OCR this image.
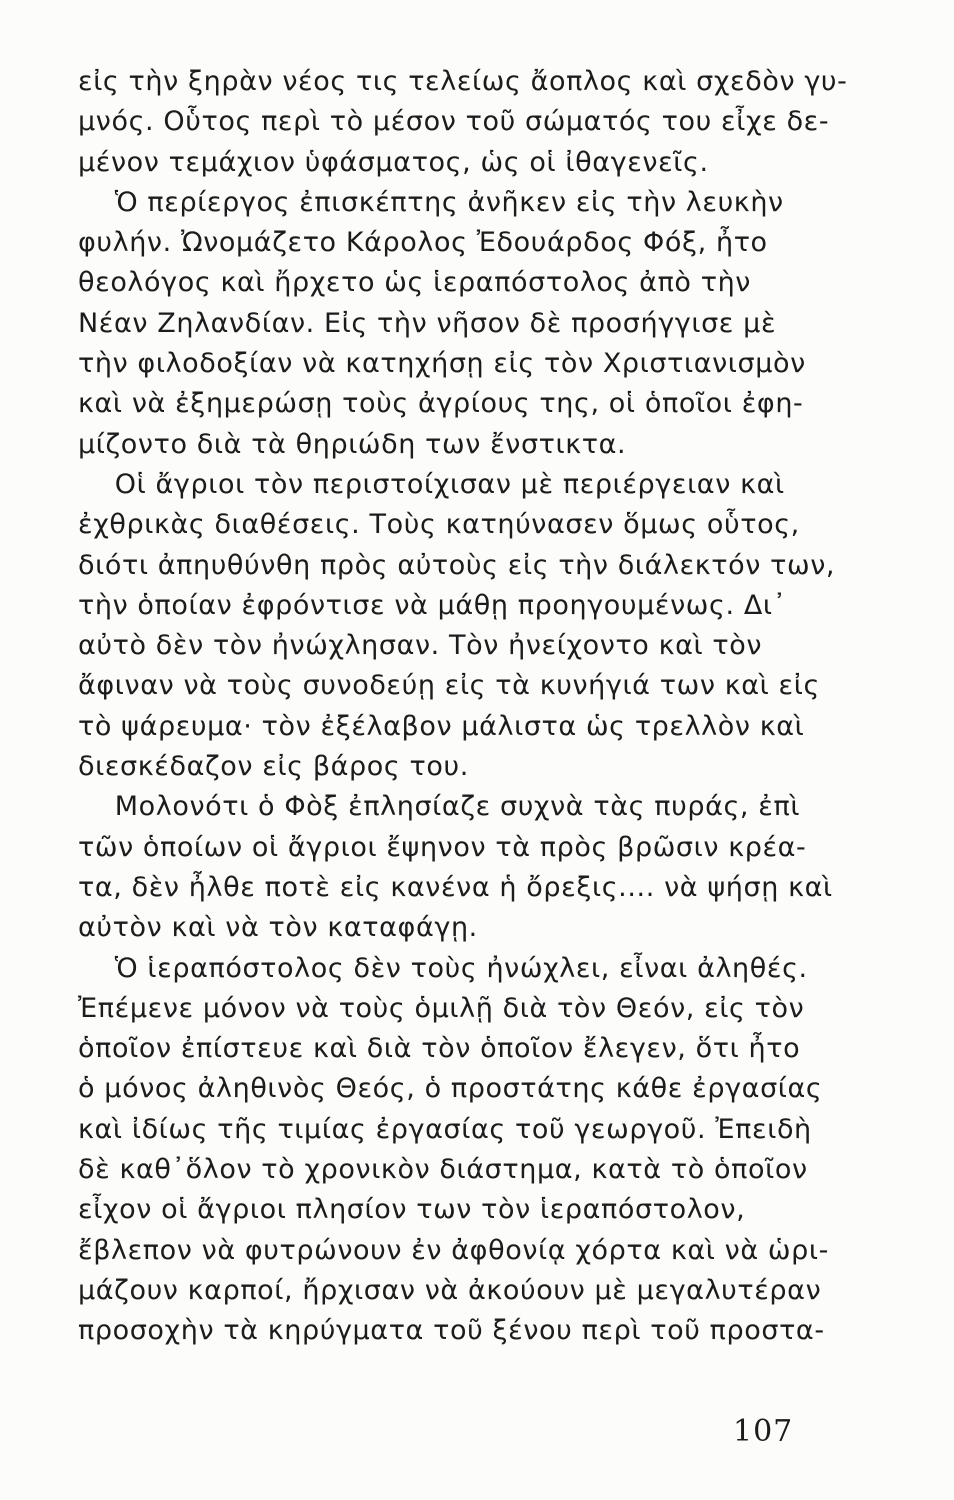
εἰς τὴν ξηρὰν νέος τις τελείως ἄοπλος καὶ σχεδὸν γυ-
μνός. Οὗτος περὶ τὸ μέσον τοῦ σώματός του εἶχε δε-
μένον τεμάχιον ὑφάσματος, ὡς οἱ ἰθαγενεῖς.
Ὁ περίεργος ἐπισκέπτης ἀνῆκεν εἰς τὴν λευκὴν
φυλήν. Ὠνομάζετο Κάρολος Ἐδουάρδος Φόξ, ἦτο
θεολόγος καὶ ἤρχετο ὡς ἱεραπόστολος ἀπὸ τὴν
Νέαν Ζηλανδίαν. Εἰς τὴν νῆσον δὲ προσήγγισε μὲ
τὴν φιλοδοξίαν νὰ κατηχήσῃ εἰς τὸν Χριστιανισμὸν
καὶ νὰ ἐξημερώσῃ τοὺς ἀγρίους της, οἱ ὁποῖοι ἐφη-
μίζοντο διὰ τὰ θηριώδη των ἔνστικτα.
Οἱ ἄγριοι τὸν περιστοίχισαν μὲ περιέργειαν καὶ
ἐχθρικὰς διαθέσεις. Τοὺς κατηύνασεν ὅμως οὗτος,
διότι ἀπηυθύνθη πρὸς αὐτοὺς εἰς τὴν διάλεκτόν των,
τὴν ὁποίαν ἐφρόντισε νὰ μάθῃ προηγουμένως. Δι᾽
αὐτὸ δὲν τὸν ἠνώχλησαν. Τὸν ἠνείχοντο καὶ τὸν
ἄφιναν νὰ τοὺς συνοδεύῃ εἰς τὰ κυνήγιά των καὶ εἰς
τὸ ψάρευμα· τὸν ἐξέλαβον μάλιστα ὡς τρελλὸν καὶ
διεσκέδαζον εἰς βάρος του.
Μολονότι ὁ Φὸξ ἐπλησίαζε συχνὰ τὰς πυράς, ἐπὶ
τῶν ὁποίων οἱ ἄγριοι ἔψηνον τὰ πρὸς βρῶσιν κρέα-
τα, δὲν ἦλθε ποτὲ εἰς κανένα ἡ ὄρεξις.... νὰ ψήσῃ καὶ
αὐτὸν καὶ νὰ τὸν καταφάγῃ.
Ὁ ἱεραπόστολος δὲν τοὺς ἠνώχλει, εἶναι ἀληθές.
Ἐπέμενε μόνον νὰ τοὺς ὁμιλῇ διὰ τὸν Θεόν, εἰς τὸν
ὁποῖον ἐπίστευε καὶ διὰ τὸν ὁποῖον ἔλεγεν, ὅτι ἦτο
ὁ μόνος ἀληθινὸς Θεός, ὁ προστάτης κάθε ἐργασίας
καὶ ἰδίως τῆς τιμίας ἐργασίας τοῦ γεωργοῦ. Ἐπειδὴ
δὲ καθ᾽ὅλον τὸ χρονικὸν διάστημα, κατὰ τὸ ὁποῖον
εἶχον οἱ ἄγριοι πλησίον των τὸν ἱεραπόστολον,
ἔβλεπον νὰ φυτρώνουν ἐν ἀφθονίᾳ χόρτα καὶ νὰ ὡρι-
μάζουν καρποί, ἤρχισαν νὰ ἀκούουν μὲ μεγαλυτέραν
προσοχὴν τὰ κηρύγματα τοῦ ξένου περὶ τοῦ προστα-
107
